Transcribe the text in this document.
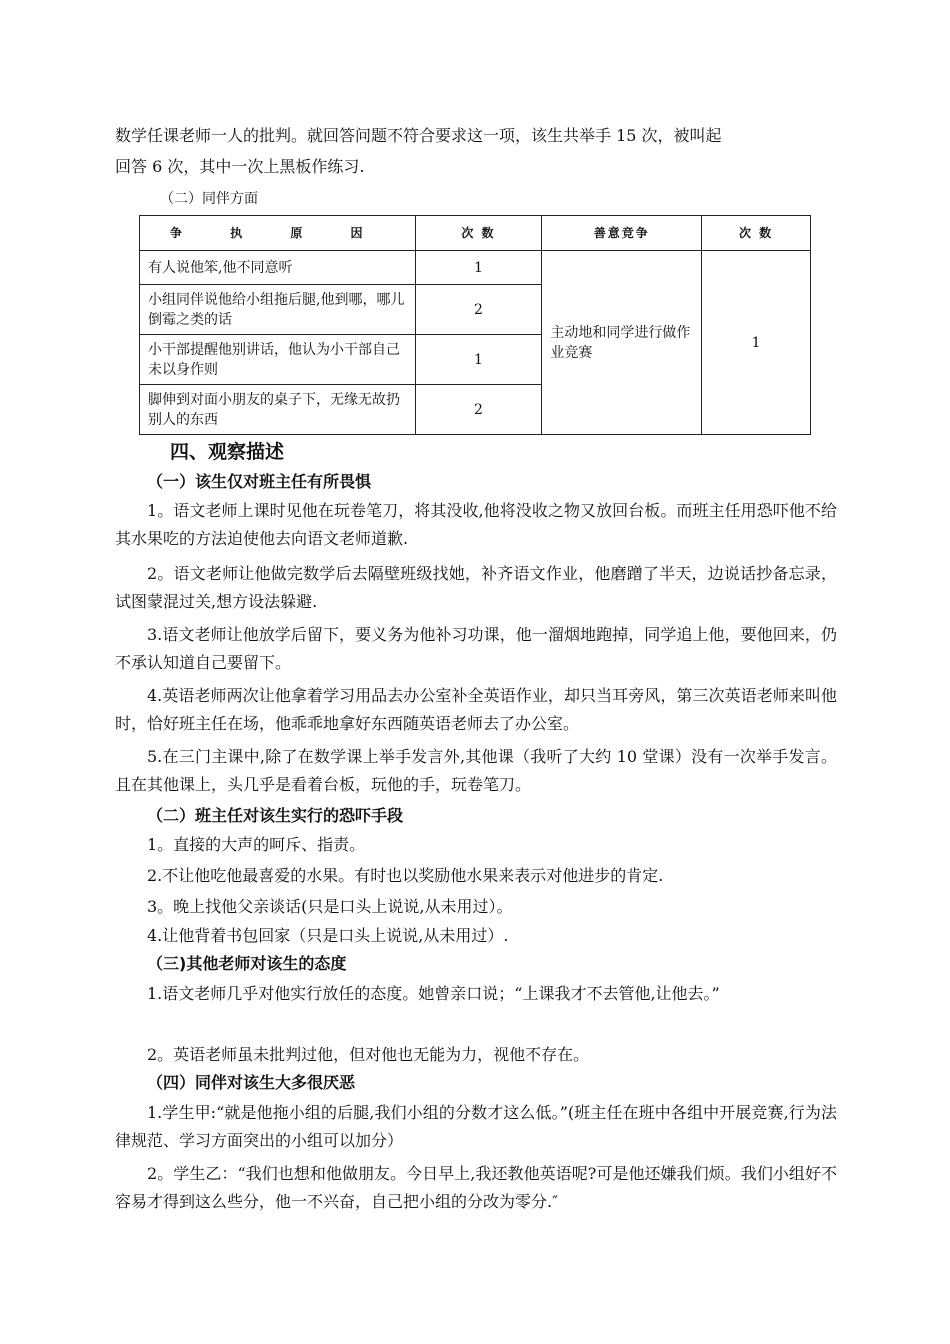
数学任课老师一人的批判。就回答问题不符合要求这一项，该生共举手 15 次，被叫起

回答 6 次，其中一次上黑板作练习.

（二）同伴方面
争 执 原 因	次 数	善意竞争	次 数
有人说他笨,他不同意听	1	主动地和同学进行做作业竞赛	1
小组同伴说他给小组拖后腿,他到哪，哪儿倒霉之类的话	2		
小干部提醒他别讲话，他认为小干部自己未以身作则	1		
脚伸到对面小朋友的桌子下，无缘无故扔别人的东西	2		
四、观察描述
（一）该生仅对班主任有所畏惧

1。语文老师上课时见他在玩卷笔刀，将其没收,他将没收之物又放回台板。而班主任用恐吓他不给其水果吃的方法迫使他去向语文老师道歉.

2。语文老师让他做完数学后去隔壁班级找她，补齐语文作业，他磨蹭了半天，边说话抄备忘录，试图蒙混过关,想方设法躲避.

3.语文老师让他放学后留下，要义务为他补习功课，他一溜烟地跑掉，同学追上他，要他回来，仍不承认知道自己要留下。

4.英语老师两次让他拿着学习用品去办公室补全英语作业，却只当耳旁风，第三次英语老师来叫他时，恰好班主任在场，他乖乖地拿好东西随英语老师去了办公室。

5.在三门主课中,除了在数学课上举手发言外,其他课（我听了大约 10 堂课）没有一次举手发言。且在其他课上，头几乎是看着台板，玩他的手，玩卷笔刀。

（二）班主任对该生实行的恐吓手段

1。直接的大声的呵斥、指责。

2.不让他吃他最喜爱的水果。有时也以奖励他水果来表示对他进步的肯定.

3。晚上找他父亲谈话(只是口头上说说,从未用过）。

4.让他背着书包回家（只是口头上说说,从未用过）.

（三)其他老师对该生的态度

1.语文老师几乎对他实行放任的态度。她曾亲口说；“上课我才不去管他,让他去。”

2。英语老师虽未批判过他，但对他也无能为力，视他不存在。

（四）同伴对该生大多很厌恶

1.学生甲:“就是他拖小组的后腿,我们小组的分数才这么低。”(班主任在班中各组中开展竞赛,行为法律规范、学习方面突出的小组可以加分）

2。学生乙：“我们也想和他做朋友。今日早上,我还教他英语呢?可是他还嫌我们烦。我们小组好不容易才得到这么些分，他一不兴奋，自己把小组的分改为零分.″
